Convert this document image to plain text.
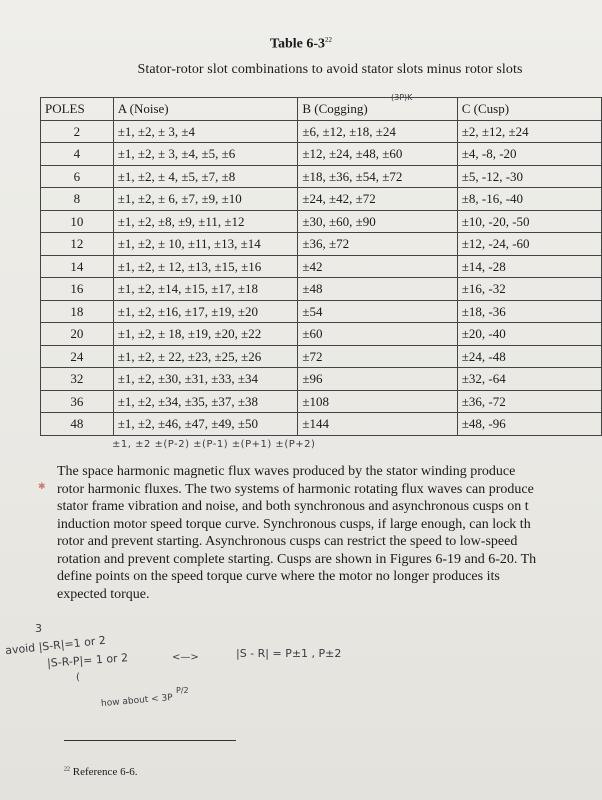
Table $6-3^{22}$
Stator-rotor slot combinations to avoid stator slots minus rotor slots
(3P)K
POLES	A (Noise)	B (Cogging)	C (Cusp)
2	±1, ±2, ± 3, ±4	±6, ±12, ±18, ±24	±2, ±12, ±24
4	±1, ±2, ± 3, ±4, ±5, ±6	±12, ±24, ±48, ±60	±4, -8, -20
6	±1, ±2, ± 4, ±5, ±7, ±8	±18, ±36, ±54, ±72	±5, -12, -30
8	±1, ±2, ± 6, ±7, ±9, ±10	±24, ±42, ±72	±8, -16, -40
10	±1, ±2, ±8, ±9, ±11, ±12	±30, ±60, ±90	±10, -20, -50
12	±1, ±2, ± 10, ±11, ±13, ±14	±36, ±72	±12, -24, -60
14	±1, ±2, ± 12, ±13, ±15, ±16	±42	±14, -28
16	±1, ±2, ±14, ±15, ±17, ±18	±48	±16, -32
18	±1, ±2, ±16, ±17, ±19, ±20	±54	±18, -36
20	±1, ±2, ± 18, ±19, ±20, ±22	±60	±20, -40
24	±1, ±2, ± 22, ±23, ±25, ±26	±72	±24, -48
32	±1, ±2, ±30, ±31, ±33, ±34	±96	±32, -64
36	±1, ±2, ±34, ±35, ±37, ±38	±108	±36, -72
48	±1, ±2, ±46, ±47, ±49, ±50	±144	±48, -96
±1, ±2 ±(P-2) ±(P-1) ±(P+1) ±(P+2)
✱
The space harmonic magnetic flux waves produced by the stator winding produce
rotor harmonic fluxes. The two systems of harmonic rotating flux waves can produce
stator frame vibration and noise, and both synchronous and asynchronous cusps on t
induction motor speed torque curve. Synchronous cusps, if large enough, can lock th
rotor and prevent starting. Asynchronous cusps can restrict the speed to low-speed
rotation and prevent complete starting. Cusps are shown in Figures 6-19 and 6-20. Th
define points on the speed torque curve where the motor no longer produces its
expected torque.
3
avoid |S-R|=1 or 2
|S-R-P|= 1 or 2	<—>	|S - R| = P±1 , P±2
P/2
how about < 3P
(
$^{22}$ Reference 6-6.
